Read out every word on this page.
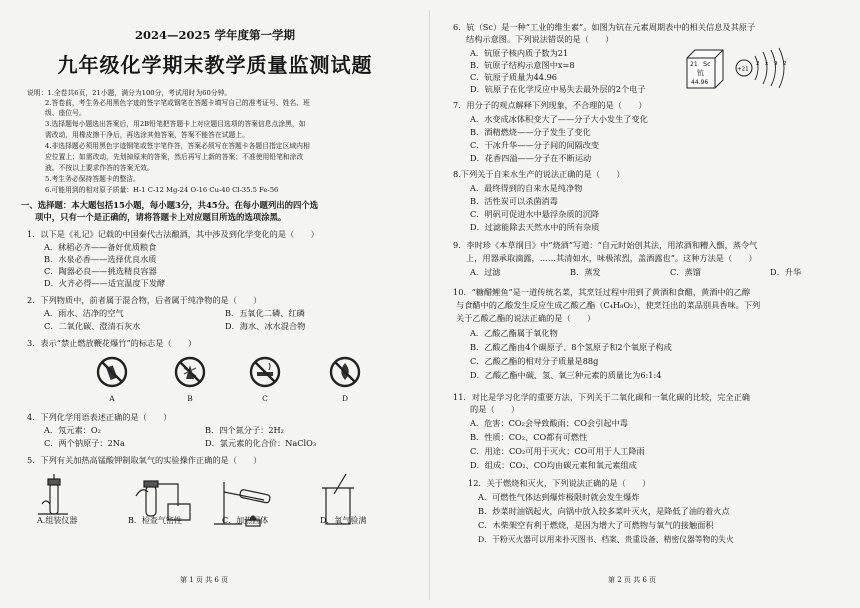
2024—2025 学年度第一学期
九年级化学期末教学质量监测试题
说明：1.全卷共6页，21小题，满分为100分，考试用时为60分钟。
2.答卷前，考生务必用黑色字迹的签字笔或钢笔在答题卡填写自己的准考证号、姓名、班
级、座位号。
3.选择题每小题选出答案后，用2B铅笔把答题卡上对应题目选项的答案信息点涂黑，如
需改动，用橡皮擦干净后，再选涂其他答案，答案不能答在试题上。
4.非选择题必须用黑色字迹钢笔或签字笔作答，答案必须写在答题卡各题目指定区域内相
应位置上；如需改动，先划掉原来的答案，然后再写上新的答案；不准使用铅笔和涂改
液。不按以上要求作答的答案无效。
5.考生务必保持答题卡的整洁。
6.可能用到的相对原子质量：H-1 C-12 Mg-24 O-16 Cu-40 Cl-35.5 Fe-56
一、选择题：本大题包括15小题，每小题3分，共45分。在每小题列出的四个选
项中，只有一个是正确的，请将答题卡上对应题目所选的选项涂黑。
1．以下是《礼记》记载的中国秦代古法酿酒，其中涉及到化学变化的是（　　）
A．秫稻必齐——备好优质粮食
B．水泉必香——选择优良水质
C．陶器必良——挑选精良容器
D．火齐必得——适宜温度下发酵
2．下列物质中，前者属于混合物，后者属于纯净物的是（　　）
A．雨水、洁净的空气	B．五氧化二磷、红磷
C．二氧化碳、澄清石灰水	D．海水、冰水混合物
3．表示“禁止燃放鞭花爆竹”的标志是（　　）
A	B	C	D
4．下列化学用语表述正确的是（　　）
A．氖元素：O₂	B．四个氮分子：2H₂
C．两个钠原子：2Na	D．氯元素的化合价：NaClO₃
5．下列有关加热高锰酸钾制取氧气的实验操作正确的是（　　）
A.组装仪器	B．检查气密性	C．加热固体	D．氧气验满
第 1 页 共 6 页
6．钪（Sc）是一种“工业的维生素”。如图为钪在元素周期表中的相关信息及其原子
结构示意图。下列说法错误的是（　　）
A．钪原子核内质子数为21
B．钪原子结构示意图中x=8
C．钪原子质量为44.96
D．钪原子在化学反应中易失去最外层的2个电子
7．用分子的观点解释下列现象，不合理的是（　　）
A．水变成冰体积变大了——分子大小发生了变化
B．酒精燃烧——分子发生了变化
C．干冰升华——分子间的间隔改变
D．花香四溢——分子在不断运动
8.下列关于自来水生产的说法正确的是（　　）
A．最终得到的自来水是纯净物
B．活性炭可以杀菌消毒
C．明矾可促进水中悬浮杂质的沉降
D．过滤能除去天然水中的所有杂质
9．李时珍《本草纲目》中“烧酒”写道：“自元时始创其法，用浓酒和糟入甑，蒸令气
上，用器承取滴露，……其清如水，味极浓烈，盖酒露也”。这种方法是（　　）
A．过滤	B．蒸发	C．蒸馏	D．升华
10．“糖醋鲤鱼”是一道传统名菜，其烹饪过程中用到了黄酒和食醋，黄酒中的乙醇
与食醋中的乙酸发生反应生成乙酸乙酯（C₄H₈O₂），使烹饪出的菜品别具香味。下列
关于乙酸乙酯的说法正确的是（　　）
A．乙酸乙酯属于氧化物
B．乙酸乙酯由4个碳原子、8个氢原子和2个氧原子构成
C．乙酸乙酯的相对分子质量是88g
D．乙酸乙酯中碳、氢、氧三种元素的质量比为6:1:4
11．对比是学习化学的重要方法，下列关于二氧化碳和一氧化碳的比较，完全正确
的是（　　）
A．危害：CO₂会导致酸雨；CO会引起中毒
B．性质：CO₂、CO都有可燃性
C．用途：CO₂可用于灭火；CO可用于人工降雨
D．组成：CO₂、CO均由碳元素和氧元素组成
12．关于燃烧和灭火，下列说法正确的是（　　）
A．可燃性气体达到爆炸极限时就会发生爆炸
B．炒菜时油锅起火，向锅中放入较多菜叶灭火，是降低了油的着火点
C．木柴架空有利于燃烧，是因为增大了可燃物与氧气的接触面积
D．干粉灭火器可以用来扑灭图书、档案、贵重设备、精密仪器等物的失火
第 2 页 共 6 页
21 Sc
钪
44.96
+21
2 x 9 2
